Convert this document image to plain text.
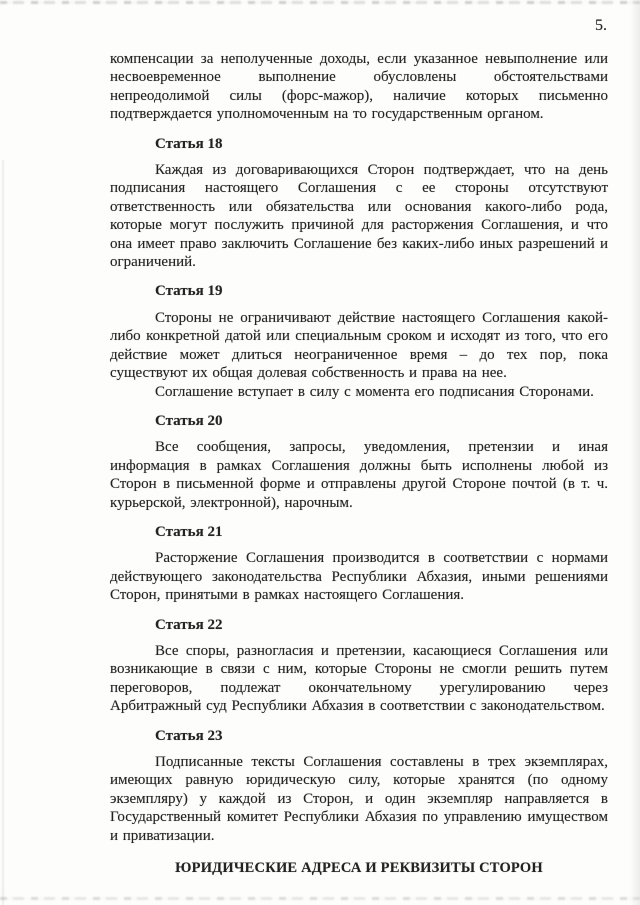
5.

компенсации за неполученные доходы, если указанное невыполнение или несвоевременное выполнение обусловлены обстоятельствами непреодолимой силы (форс-мажор), наличие которых письменно подтверждается уполномоченным на то государственным органом.

Статья 18

Каждая из договаривающихся Сторон подтверждает, что на день подписания настоящего Соглашения с ее стороны отсутствуют ответственность или обязательства или основания какого-либо рода, которые могут послужить причиной для расторжения Соглашения, и что она имеет право заключить Соглашение без каких-либо иных разрешений и ограничений.

Статья 19

Стороны не ограничивают действие настоящего Соглашения какой-либо конкретной датой или специальным сроком и исходят из того, что его действие может длиться неограниченное время – до тех пор, пока существуют их общая долевая собственность и права на нее.

Соглашение вступает в силу с момента его подписания Сторонами.

Статья 20

Все сообщения, запросы, уведомления, претензии и иная информация в рамках Соглашения должны быть исполнены любой из Сторон в письменной форме и отправлены другой Стороне почтой (в т. ч. курьерской, электронной), нарочным.

Статья 21

Расторжение Соглашения производится в соответствии с нормами действующего законодательства Республики Абхазия, иными решениями Сторон, принятыми в рамках настоящего Соглашения.

Статья 22

Все споры, разногласия и претензии, касающиеся Соглашения или возникающие в связи с ним, которые Стороны не смогли решить путем переговоров, подлежат окончательному урегулированию через Арбитражный суд Республики Абхазия в соответствии с законодательством.

Статья 23

Подписанные тексты Соглашения составлены в трех экземплярах, имеющих равную юридическую силу, которые хранятся (по одному экземпляру) у каждой из Сторон, и один экземпляр направляется в Государственный комитет Республики Абхазия по управлению имуществом и приватизации.

ЮРИДИЧЕСКИЕ АДРЕСА И РЕКВИЗИТЫ СТОРОН
